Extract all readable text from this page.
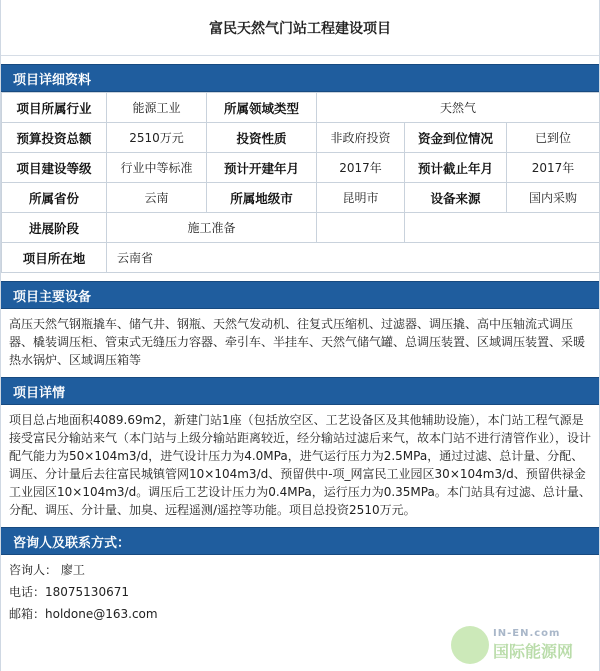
富民天然气门站工程建设项目
项目详细资料
项目所属行业	能源工业	所属领域类型	天然气		
预算投资总额	2510万元	投资性质	非政府投资	资金到位情况	已到位
项目建设等级	行业中等标准	预计开建年月	2017年	预计截止年月	2017年
所属省份	云南	所属地级市	昆明市	设备来源	国内采购
进展阶段	施工准备				
项目所在地	云南省				
项目主要设备
高压天然气钢瓶撬车、储气井、钢瓶、天然气发动机、往复式压缩机、过滤器、调压撬、高中压轴流式调压器、橇装调压柜、管束式无缝压力容器、牵引车、半挂车、天然气储气罐、总调压装置、区域调压装置、采暖热水锅炉、区域调压箱等
项目详情
项目总占地面积4089.69m2，新建门站1座（包括放空区、工艺设备区及其他辅助设施），本门站工程气源是接受富民分输站来气（本门站与上级分输站距离较近，经分输站过滤后来气，故本门站不进行清管作业），设计配气能力为50×104m3/d，进气设计压力为4.0MPa，进气运行压力为2.5MPa，通过过滤、总计量、分配、调压、分计量后去往富民城镇管网10×104m3/d、预留供中-项_网富民工业园区30×104m3/d、预留供禄金工业园区10×104m3/d。调压后工艺设计压力为0.4MPa，运行压力为0.35MPa。本门站具有过滤、总计量、分配、调压、分计量、加臭、远程遥测/遥控等功能。项目总投资2510万元。
咨询人及联系方式：
咨询人： 廖工
电话：18075130671
邮箱：holdone@163.com
IN-EN.com
国际能源网
